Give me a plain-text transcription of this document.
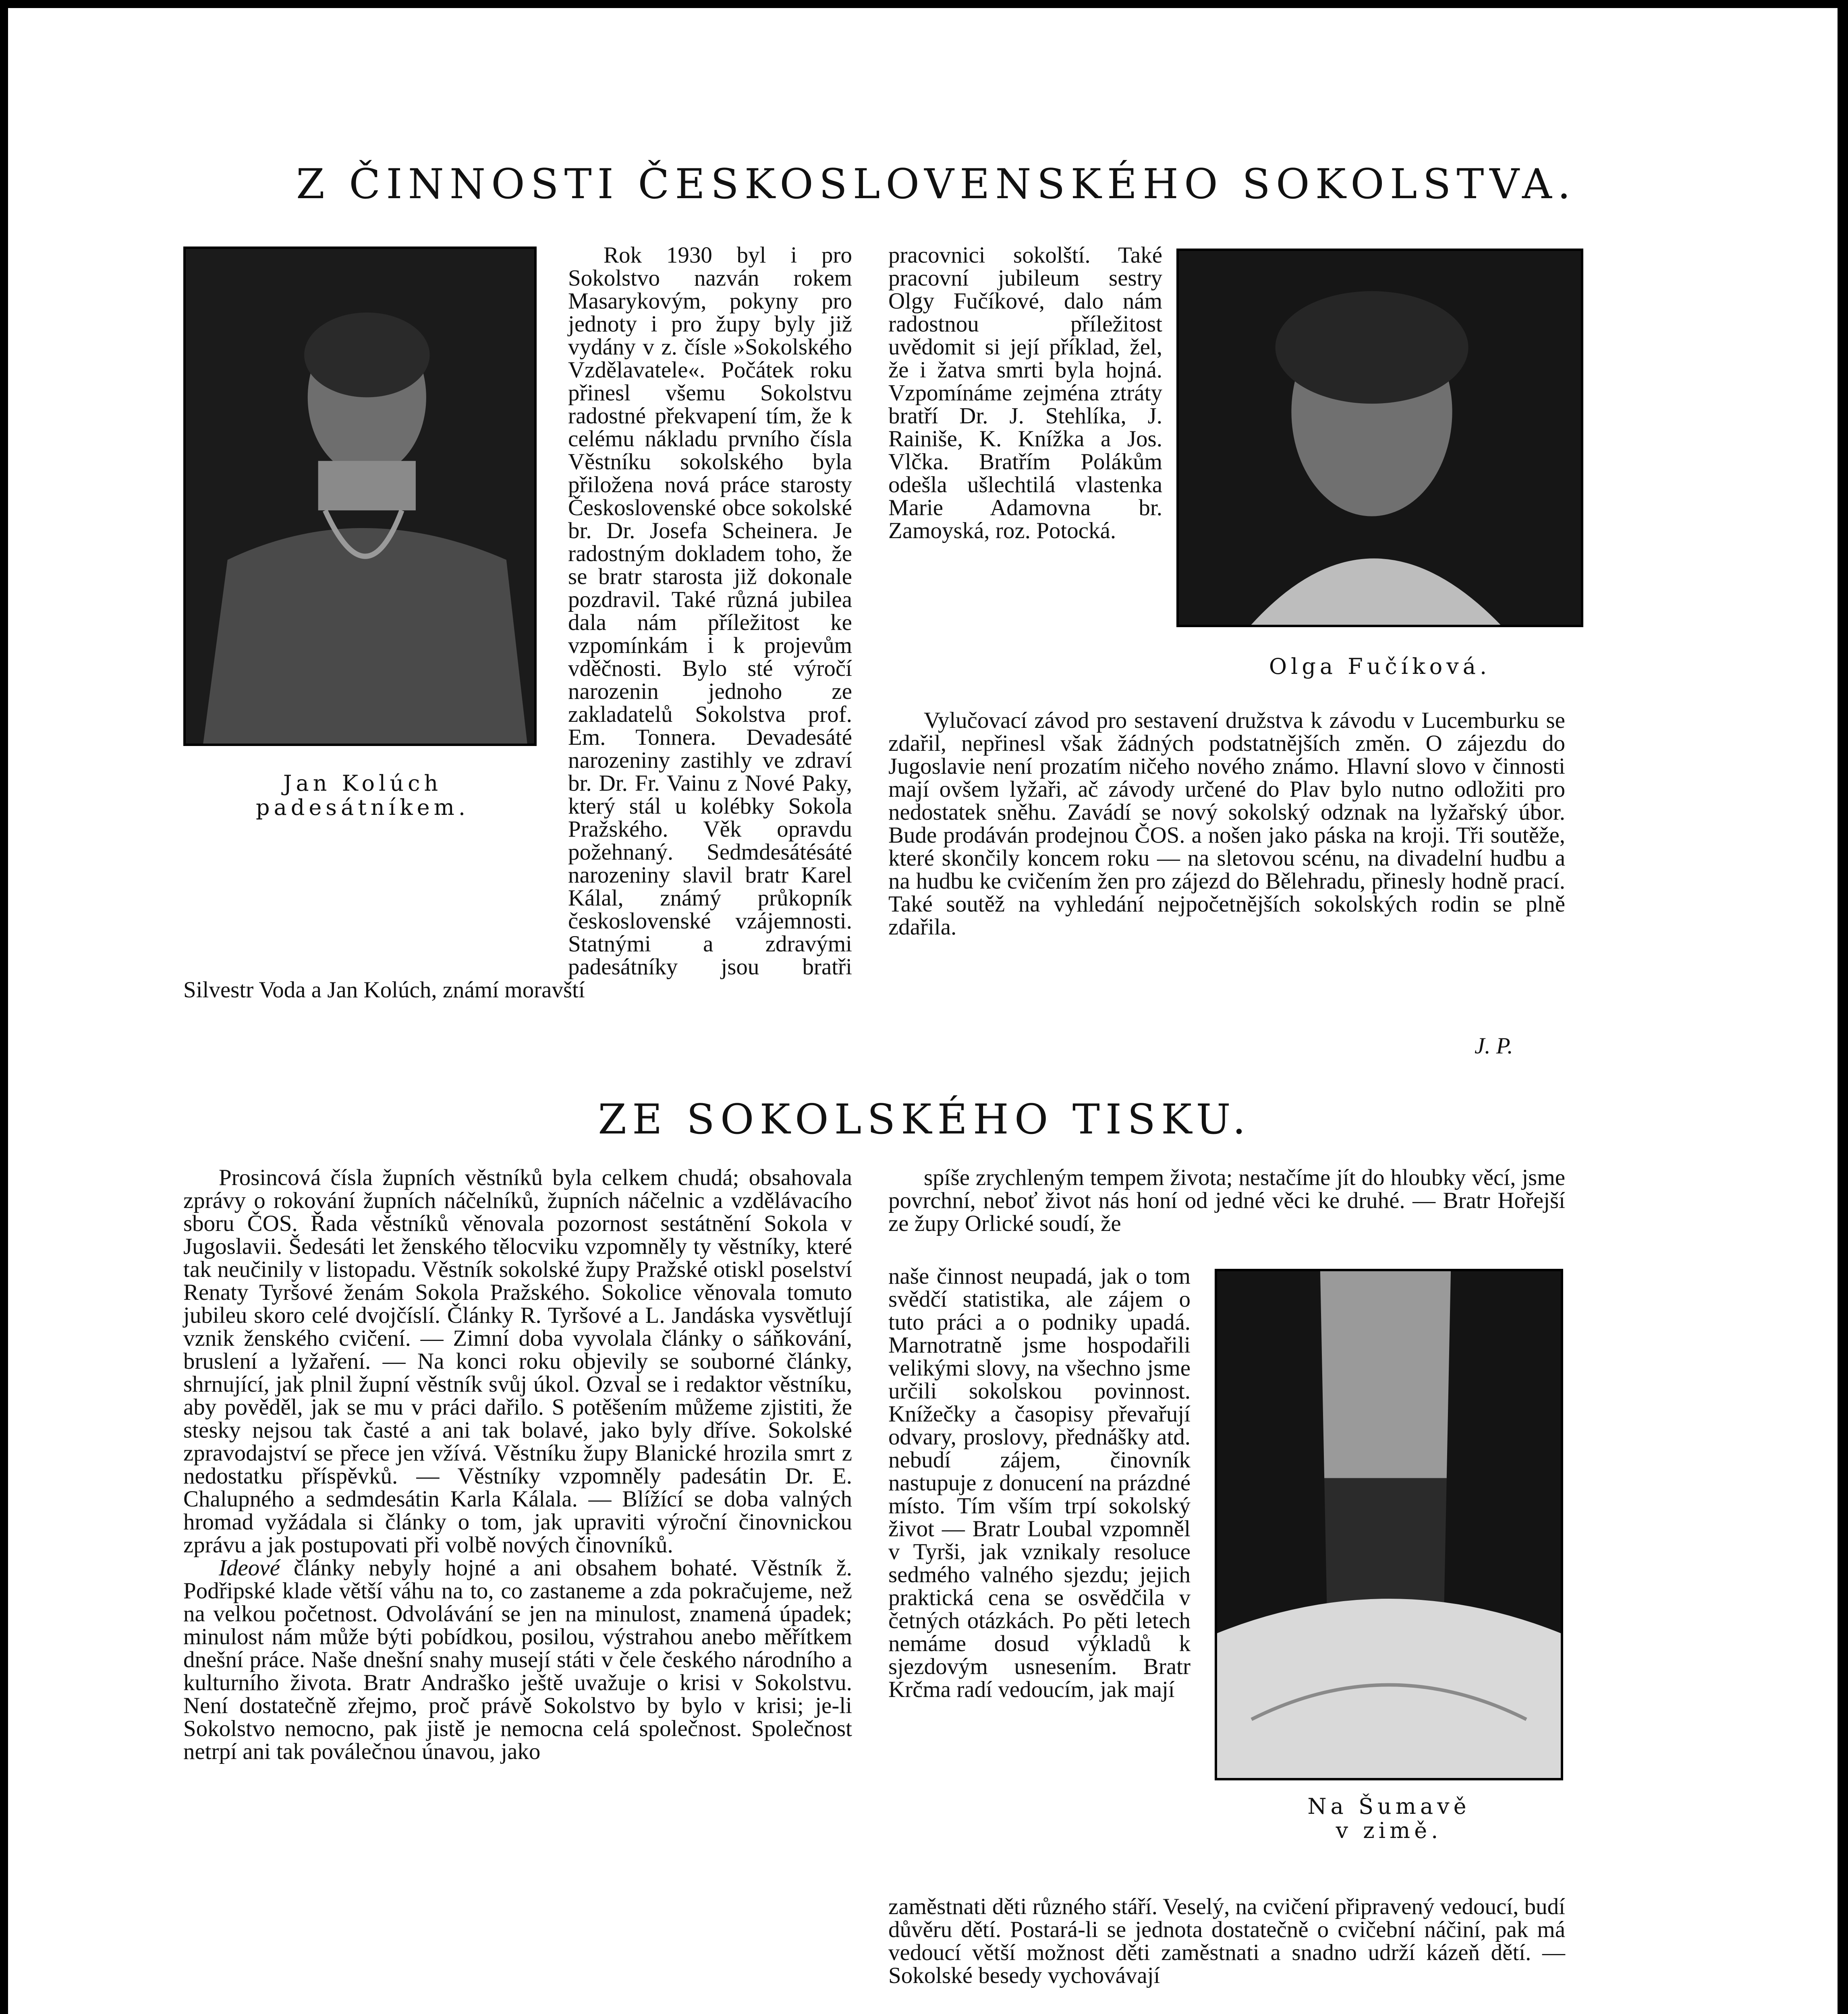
Z ČINNOSTI ČESKOSLOVENSKÉHO SOKOLSTVA.
Jan Kolúch
padesátníkem.

Rok 1930 byl i pro Sokolstvo nazván rokem Masarykovým, pokyny pro jednoty i pro župy byly již vydány v z. čísle »Sokolského Vzdělavatele«. Počátek roku přinesl všemu Sokolstvu radostné překvapení tím, že k celému nákladu prvního čísla Věstníku sokolského byla přiložena nová práce starosty Československé obce sokolské br. Dr. Josefa Scheinera. Je radostným dokladem toho, že se bratr starosta již dokonale pozdravil. Také různá jubilea dala nám příležitost ke vzpomínkám i k projevům vděčnosti. Bylo sté výročí narozenin jednoho ze zakladatelů Sokolstva prof. Em. Tonnera. Devadesáté narozeniny zastihly ve zdraví br. Dr. Fr. Vainu z Nové Paky, který stál u kolébky Sokola Pražského. Věk opravdu požehnaný. Sedmdesátésáté narozeniny slavil bratr Karel Kálal, známý průkopník československé vzájemnosti. Statnými a zdravými padesátníky jsou bratři Silvestr Voda a Jan Kolúch, známí moravští

Olga Fučíková.

pracovnici sokolští. Také pracovní jubileum sestry Olgy Fučíkové, dalo nám radostnou příležitost uvědomit si její příklad, žel, že i žatva smrti byla hojná. Vzpomínáme zejména ztráty bratří Dr. J. Stehlíka, J. Rainiše, K. Knížka a Jos. Vlčka. Bratřím Polákům odešla ušlechtilá vlastenka Marie Adamovna br. Zamoyská, roz. Potocká.

Vylučovací závod pro sestavení družstva k závodu v Lucemburku se zdařil, nepřinesl však žádných podstatnějších změn. O zájezdu do Jugoslavie není prozatím ničeho nového známo. Hlavní slovo v činnosti mají ovšem lyžaři, ač závody určené do Plav bylo nutno odložiti pro nedostatek sněhu. Zavádí se nový sokolský odznak na lyžařský úbor. Bude prodáván prodejnou ČOS. a nošen jako páska na kroji. Tři soutěže, které skončily koncem roku — na sletovou scénu, na divadelní hudbu a na hudbu ke cvičením žen pro zájezd do Bělehradu, přinesly hodně prací. Také soutěž na vyhledání nejpočetnějších sokolských rodin se plně zdařila.

J. P.
ZE SOKOLSKÉHO TISKU.

Prosincová čísla župních věstníků byla celkem chudá; obsahovala zprávy o rokování župních náčelníků, župních náčelnic a vzdělávacího sboru ČOS. Řada věstníků věnovala pozornost sestátnění Sokola v Jugoslavii. Šedesáti let ženského tělocviku vzpomněly ty věstníky, které tak neučinily v listopadu. Věstník sokolské župy Pražské otiskl poselství Renaty Tyršové ženám Sokola Pražského. Sokolice věnovala tomuto jubileu skoro celé dvojčíslí. Články R. Tyršové a L. Jandáska vysvětlují vznik ženského cvičení. — Zimní doba vyvolala články o sáňkování, bruslení a lyžaření. — Na konci roku objevily se souborné články, shrnující, jak plnil župní věstník svůj úkol. Ozval se i redaktor věstníku, aby pověděl, jak se mu v práci dařilo. S potěšením můžeme zjistiti, že stesky nejsou tak časté a ani tak bolavé, jako byly dříve. Sokolské zpravodajství se přece jen vžívá. Věstníku župy Blanické hrozila smrt z nedostatku příspěvků. — Věstníky vzpomněly padesátin Dr. E. Chalupného a sedmdesátin Karla Kálala. — Blížící se doba valných hromad vyžádala si články o tom, jak upraviti výroční činovnickou zprávu a jak postupovati při volbě nových činovníků.

Ideové články nebyly hojné a ani obsahem bohaté. Věstník ž. Podřipské klade větší váhu na to, co zastaneme a zda pokračujeme, než na velkou početnost. Odvolávání se jen na minulost, znamená úpadek; minulost nám může býti pobídkou, posilou, výstrahou anebo měřítkem dnešní práce. Naše dnešní snahy musejí státi v čele českého národního a kulturního života. Bratr Andraško ještě uvažuje o krisi v Sokolstvu. Není dostatečně zřejmo, proč právě Sokolstvo by bylo v krisi; je-li Sokolstvo nemocno, pak jistě je nemocna celá společnost. Společnost netrpí ani tak poválečnou únavou, jako

spíše zrychleným tempem života; nestačíme jít do hloubky věcí, jsme povrchní, neboť život nás honí od jedné věci ke druhé. — Bratr Hořejší ze župy Orlické soudí, že

naše činnost neupadá, jak o tom svědčí statistika, ale zájem o tuto práci a o podniky upadá. Marnotratně jsme hospodařili velikými slovy, na všechno jsme určili sokolskou povinnost. Knížečky a časopisy převařují odvary, proslovy, přednášky atd. nebudí zájem, činovník nastupuje z donucení na prázdné místo. Tím vším trpí sokolský život — Bratr Loubal vzpomněl v Tyrši, jak vznikaly resoluce sedmého valného sjezdu; jejich praktická cena se osvědčila v četných otázkách. Po pěti letech nemáme dosud výkladů k sjezdovým usnesením. Bratr Krčma radí vedoucím, jak mají

Na Šumavě
v zimě.

zaměstnati děti různého stáří. Veselý, na cvičení připravený vedoucí, budí důvěru dětí. Postará-li se jednota dostatečně o cvičební náčiní, pak má vedoucí větší možnost děti zaměstnati a snadno udrží kázeň dětí. — Sokolské besedy vychovávají
